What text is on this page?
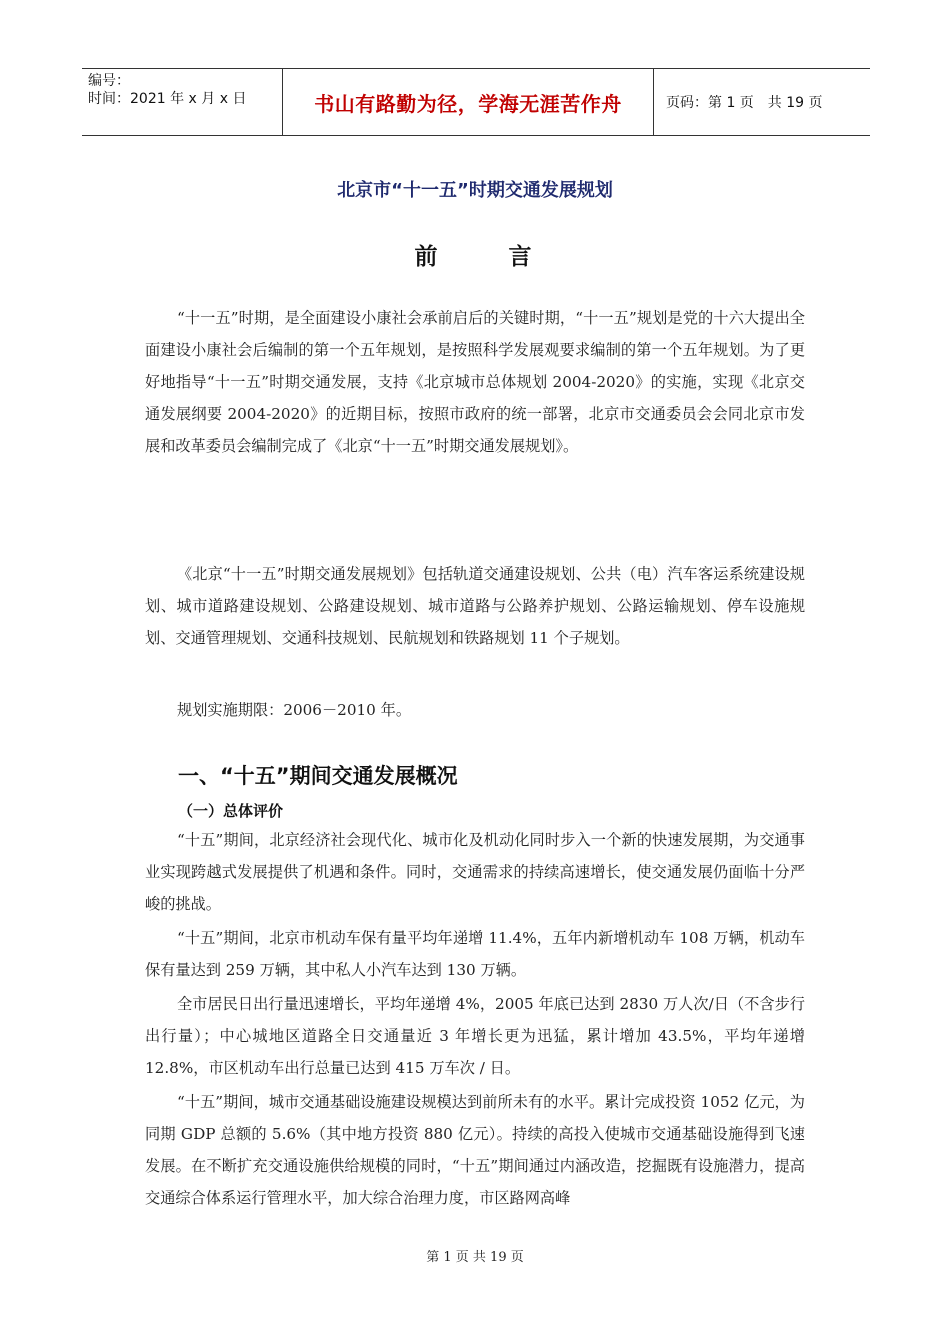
编号：
时间：2021 年 x 月 x 日	书山有路勤为径，学海无涯苦作舟	页码：第 1 页　共 19 页
北京市“十一五”时期交通发展规划
前　言

“十一五”时期，是全面建设小康社会承前启后的关键时期，“十一五”规划是党的十六大提出全面建设小康社会后编制的第一个五年规划，是按照科学发展观要求编制的第一个五年规划。为了更好地指导“十一五”时期交通发展，支持《北京城市总体规划 2004-2020》的实施，实现《北京交通发展纲要 2004-2020》的近期目标，按照市政府的统一部署，北京市交通委员会会同北京市发展和改革委员会编制完成了《北京“十一五”时期交通发展规划》。

《北京“十一五”时期交通发展规划》包括轨道交通建设规划、公共（电）汽车客运系统建设规划、城市道路建设规划、公路建设规划、城市道路与公路养护规划、公路运输规划、停车设施规划、交通管理规划、交通科技规划、民航规划和铁路规划 11 个子规划。

规划实施期限：2006－2010 年。

一、“十五”期间交通发展概况
（一）总体评价

“十五”期间，北京经济社会现代化、城市化及机动化同时步入一个新的快速发展期，为交通事业实现跨越式发展提供了机遇和条件。同时，交通需求的持续高速增长，使交通发展仍面临十分严峻的挑战。

“十五”期间，北京市机动车保有量平均年递增 11.4%，五年内新增机动车 108 万辆，机动车保有量达到 259 万辆，其中私人小汽车达到 130 万辆。

全市居民日出行量迅速增长，平均年递增 4%，2005 年底已达到 2830 万人次/日（不含步行出行量）；中心城地区道路全日交通量近 3 年增长更为迅猛，累计增加 43.5%，平均年递增 12.8%，市区机动车出行总量已达到 415 万车次 / 日。

“十五”期间，城市交通基础设施建设规模达到前所未有的水平。累计完成投资 1052 亿元，为同期 GDP 总额的 5.6%（其中地方投资 880 亿元）。持续的高投入使城市交通基础设施得到飞速发展。在不断扩充交通设施供给规模的同时，“十五”期间通过内涵改造，挖掘既有设施潜力，提高交通综合体系运行管理水平，加大综合治理力度，市区路网高峰

第 1 页 共 19 页
